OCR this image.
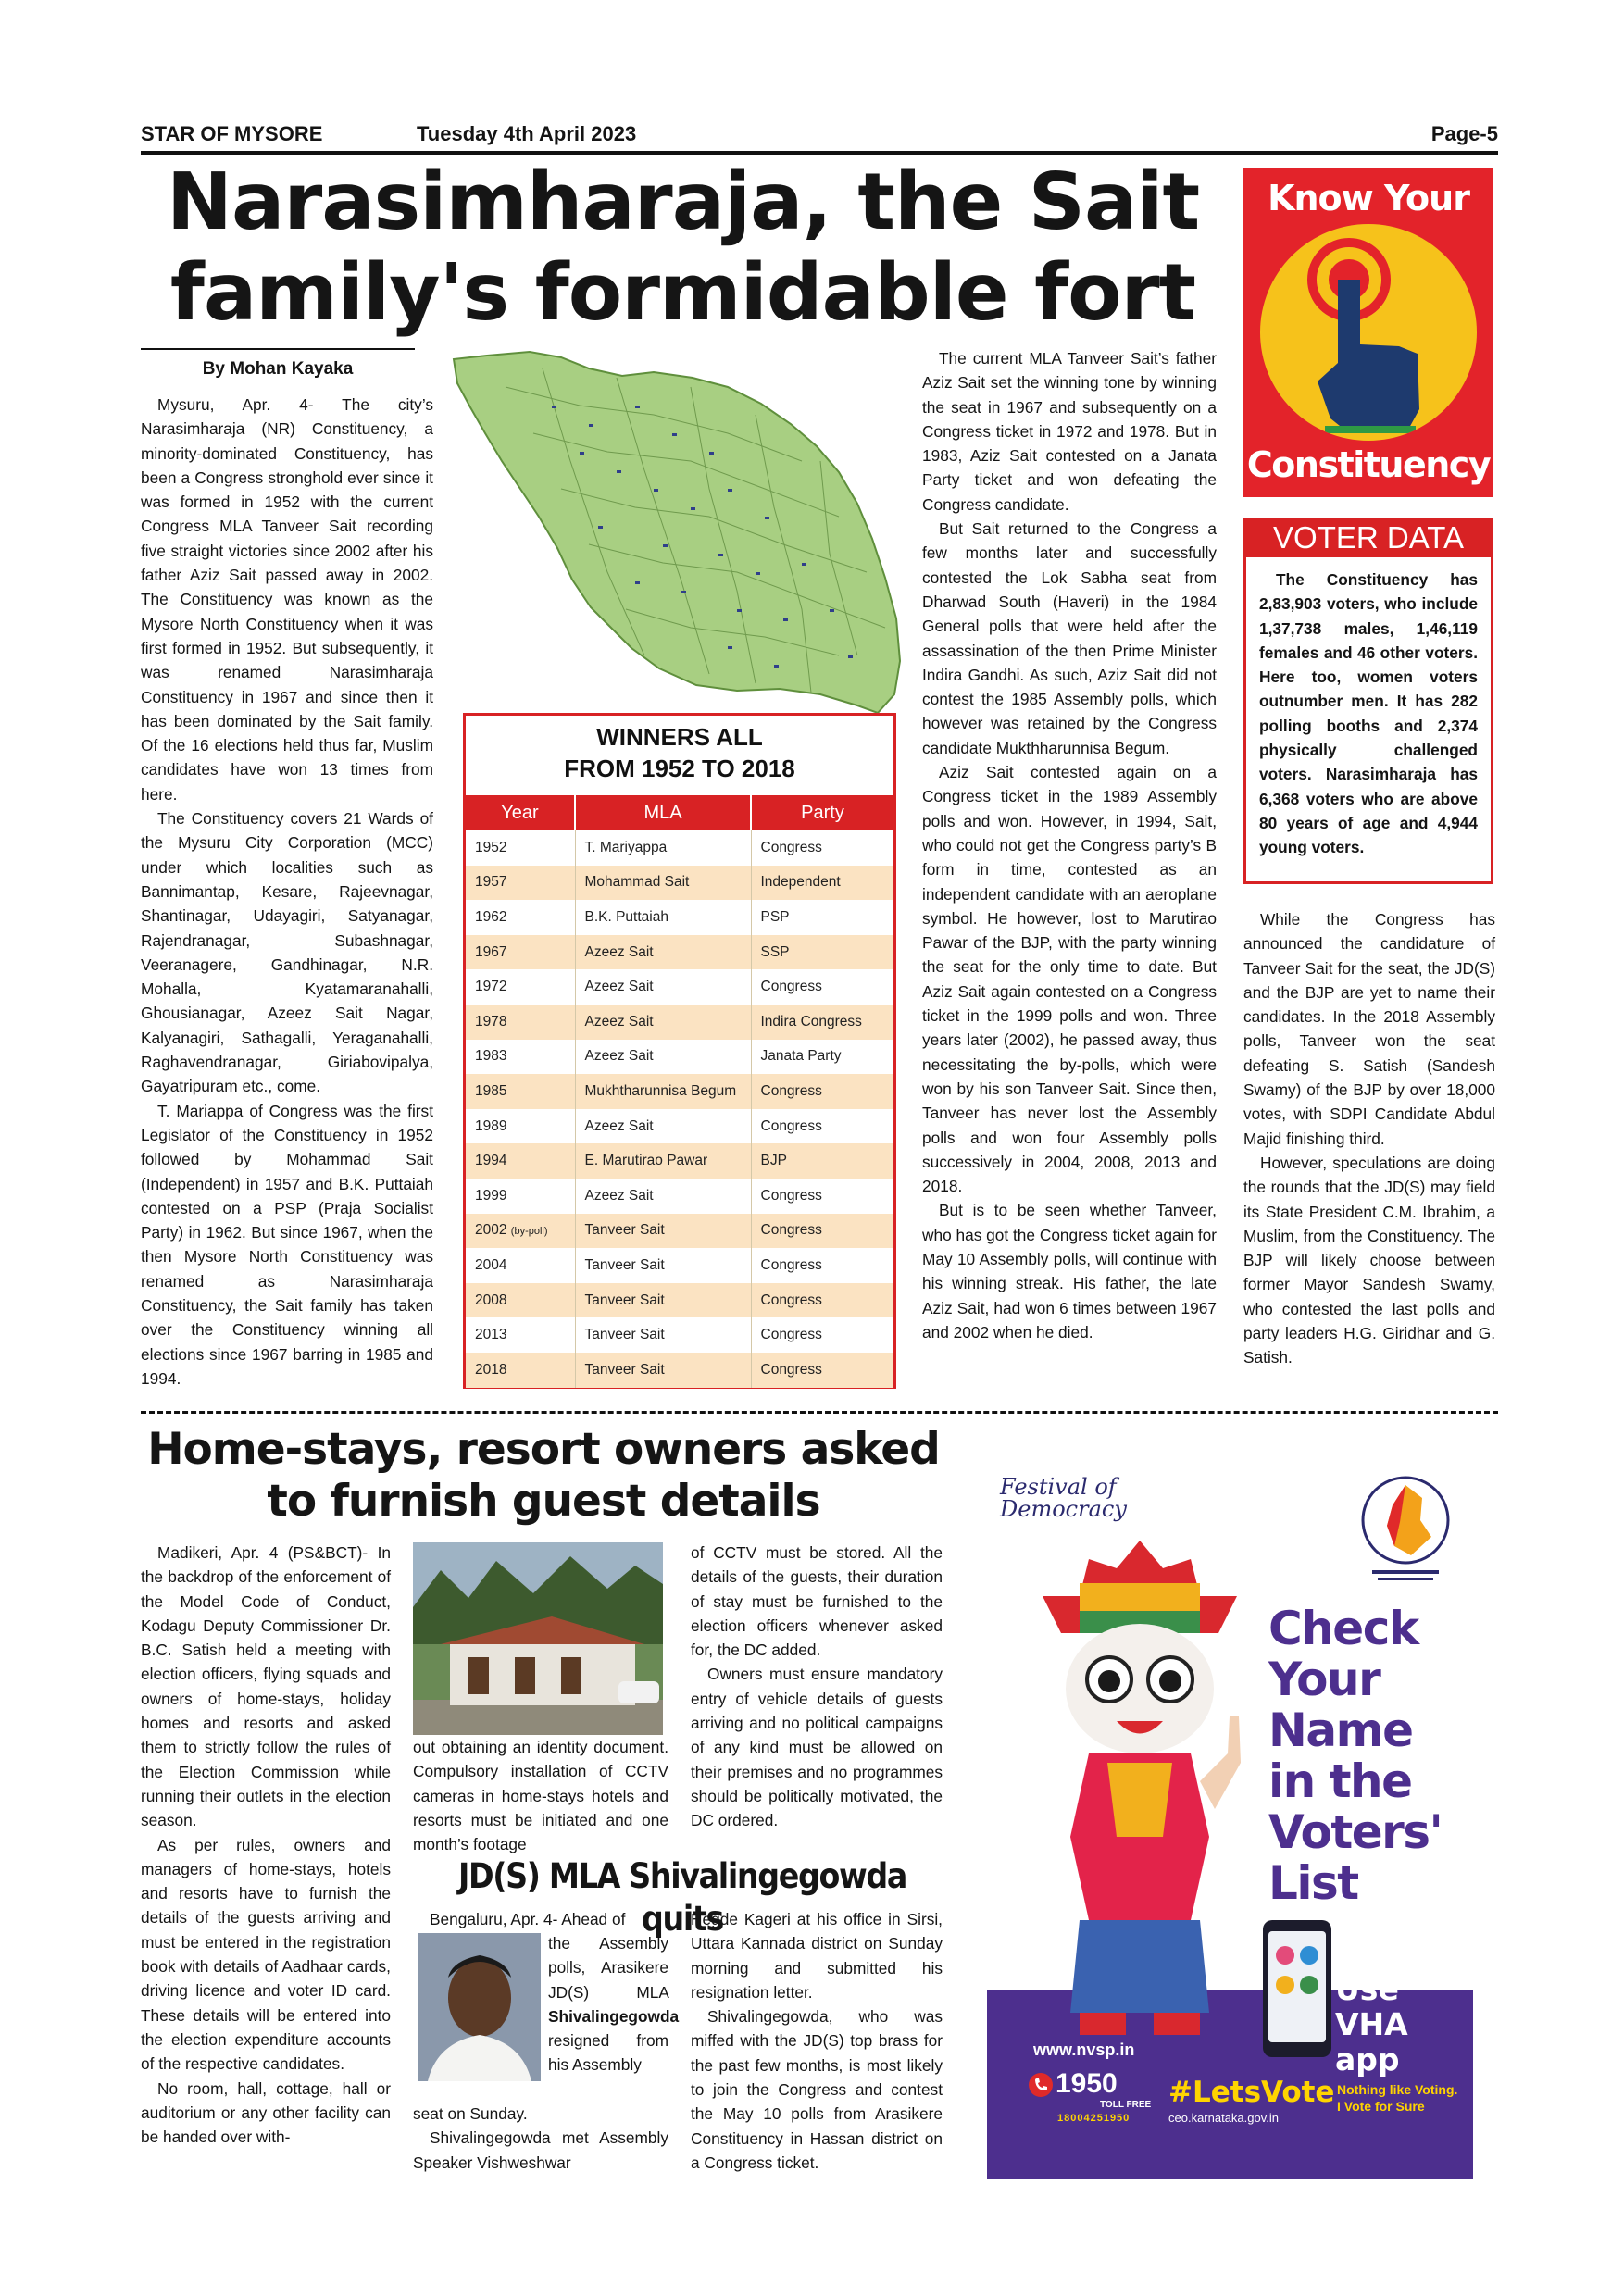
STAR OF MYSORE	Tuesday 4th April 2023	Page-5
Narasimharaja, the Sait
family's formidable fort
By Mohan Kayaka

Mysuru, Apr. 4- The city’s Narasimharaja (NR) Constituency, a minority-dominated Constituency, has been a Congress stronghold ever since it was formed in 1952 with the current Congress MLA Tanveer Sait recording five straight victories since 2002 after his father Aziz Sait passed away in 2002. The Constituency was known as the Mysore North Constituency when it was first formed in 1952. But subsequently, it was renamed Narasimharaja Constituency in 1967 and since then it has been dominated by the Sait family. Of the 16 elections held thus far, Muslim candidates have won 13 times from here.

The Constituency covers 21 Wards of the Mysuru City Corporation (MCC) under which localities such as Bannimantap, Kesare, Rajeevnagar, Shantinagar, Udayagiri, Satyanagar, Rajendranagar, Subashnagar, Veeranagere, Gandhinagar, N.R. Mohalla, Kyatamaranahalli, Ghousianagar, Azeez Sait Nagar, Kalyanagiri, Sathagalli, Yeraganahalli, Raghavendranagar, Giriabovipalya, Gayatripuram etc., come.

T. Mariappa of Congress was the first Legislator of the Constituency in 1952 followed by Mohammad Sait (Independent) in 1957 and B.K. Puttaiah contested on a PSP (Praja Socialist Party) in 1962. But since 1967, when the then Mysore North Constituency was renamed as Narasimharaja Constituency, the Sait family has taken over the Constituency winning all elections since 1967 barring in 1985 and 1994.

WINNERS ALL
FROM 1952 TO 2018
Year	MLA	Party
1952	T. Mariyappa	Congress
1957	Mohammad Sait	Independent
1962	B.K. Puttaiah	PSP
1967	Azeez Sait	SSP
1972	Azeez Sait	Congress
1978	Azeez Sait	Indira Congress
1983	Azeez Sait	Janata Party
1985	Mukhtharunnisa Begum	Congress
1989	Azeez Sait	Congress
1994	E. Marutirao Pawar	BJP
1999	Azeez Sait	Congress
2002 (by-poll)	Tanveer Sait	Congress
2004	Tanveer Sait	Congress
2008	Tanveer Sait	Congress
2013	Tanveer Sait	Congress
2018	Tanveer Sait	Congress

The current MLA Tanveer Sait’s father Aziz Sait set the winning tone by winning the seat in 1967 and subsequently on a Congress ticket in 1972 and 1978. But in 1983, Aziz Sait contested on a Janata Party ticket and won defeating the Congress candidate.

But Sait returned to the Congress a few months later and successfully contested the Lok Sabha seat from Dharwad South (Haveri) in the 1984 General polls that were held after the assassination of the then Prime Minister Indira Gandhi. As such, Aziz Sait did not contest the 1985 Assembly polls, which however was retained by the Congress candidate Mukthharunnisa Begum.

Aziz Sait contested again on a Congress ticket in the 1989 Assembly polls and won. However, in 1994, Sait, who could not get the Congress party’s B form in time, contested as an independent candidate with an aeroplane symbol. He however, lost to Marutirao Pawar of the BJP, with the party winning the seat for the only time to date. But Aziz Sait again contested on a Congress ticket in the 1999 polls and won. Three years later (2002), he passed away, thus necessitating the by-polls, which were won by his son Tanveer Sait. Since then, Tanveer has never lost the Assembly polls and won four Assembly polls successively in 2004, 2008, 2013 and 2018.

But is to be seen whether Tanveer, who has got the Congress ticket again for May 10 Assembly polls, will continue with his winning streak. His father, the late Aziz Sait, had won 6 times between 1967 and 2002 when he died.

Know Your
Constituency
VOTER DATA
The Constituency has 2,83,903 voters, who include 1,37,738 males, 1,46,119 females and 46 other voters. Here too, women voters outnumber men. It has 282 polling booths and 2,374 physically challenged voters. Narasimharaja has 6,368 voters who are above 80 years of age and 4,944 young voters.

While the Congress has announced the candidature of Tanveer Sait for the seat, the JD(S) and the BJP are yet to name their candidates. In the 2018 Assembly polls, Tanveer won the seat defeating S. Satish (Sandesh Swamy) of the BJP by over 18,000 votes, with SDPI Candidate Abdul Majid finishing third.

However, speculations are doing the rounds that the JD(S) may field its State President C.M. Ibrahim, a Muslim, from the Constituency. The BJP will likely choose between former Mayor Sandesh Swamy, who contested the last polls and party leaders H.G. Giridhar and G. Satish.

Home-stays, resort owners asked
to furnish guest details

Madikeri, Apr. 4 (PS&BCT)- In the backdrop of the enforcement of the Model Code of Conduct, Kodagu Deputy Commissioner Dr. B.C. Satish held a meeting with election officers, flying squads and owners of home-stays, holiday homes and resorts and asked them to strictly follow the rules of the Election Commission while running their outlets in the election season.

As per rules, owners and managers of home-stays, hotels and resorts have to furnish the details of the guests arriving and must be entered in the registration book with details of Aadhaar cards, driving licence and voter ID card. These details will be entered into the election expenditure accounts of the respective candidates.

No room, hall, cottage, hall or auditorium or any other facility can be handed over with-

out obtaining an identity document. Compulsory installation of CCTV cameras in home-stays hotels and resorts must be initiated and one month’s footage

of CCTV must be stored. All the details of the guests, their duration of stay must be furnished to the election officers whenever asked for, the DC added.

Owners must ensure mandatory entry of vehicle details of guests arriving and no political campaigns of any kind must be allowed on their premises and no programmes should be politically motivated, the DC ordered.

JD(S) MLA Shivalingegowda quits

Bengaluru, Apr. 4- Ahead of

the Assembly polls, Arasikere JD(S) MLA Shivalingegowda resigned from his Assembly

seat on Sunday.

Shivalingegowda met Assembly Speaker Vishweshwar

Hegde Kageri at his office in Sirsi, Uttara Kannada district on Sunday morning and submitted his resignation letter.

Shivalingegowda, who was miffed with the JD(S) top brass for the past few months, is most likely to join the Congress and contest the May 10 polls from Arasikere Constituency in Hassan district on a Congress ticket.

Festival of
Democracy
Check
Your
Name
in the
Voters'
List
Use
VHA app
www.nvsp.in
1950
TOLL FREE
18004251950
#LetsVote
ceo.karnataka.gov.in
Nothing like Voting.
I Vote for Sure
